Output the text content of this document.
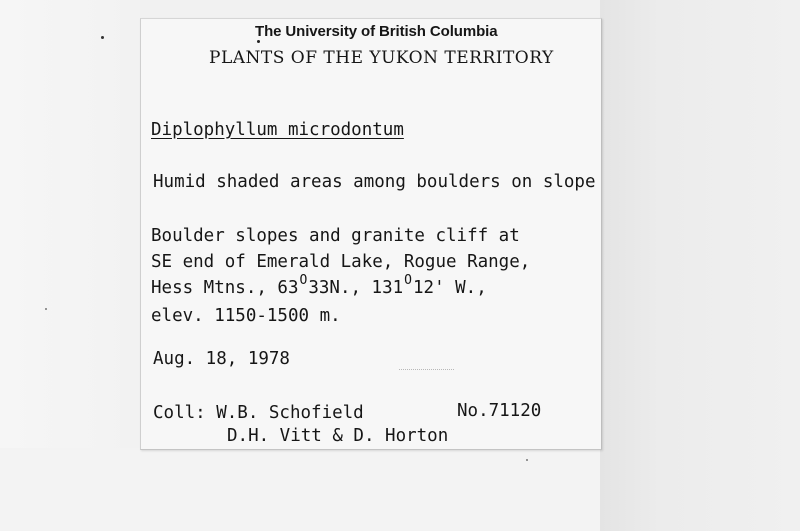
The University of British Columbia
PLANTS OF THE YUKON TERRITORY
Diplophyllum microdontum
Humid shaded areas among boulders on slope
Boulder slopes and granite cliff at
SE end of Emerald Lake, Rogue Range,
Hess Mtns., $63^O33N$., $131^O12'$ W.,
elev. 1150-1500 m.
Aug. 18, 1978
Coll: W.B. Schofield	No.71120
D.H. Vitt & D. Horton
